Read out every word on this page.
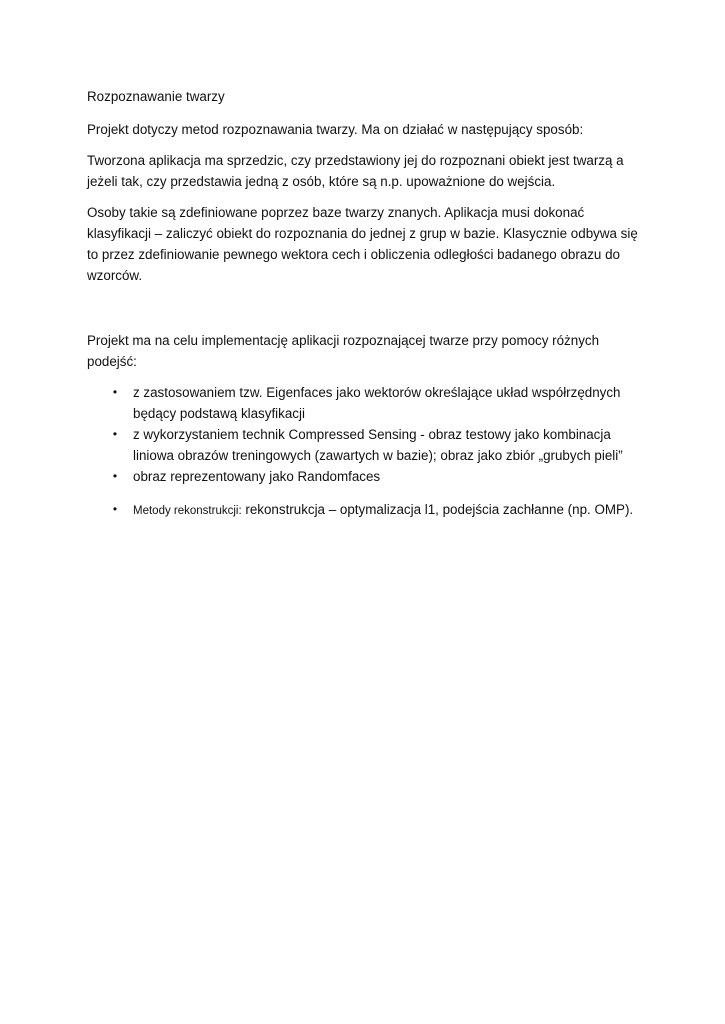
Rozpoznawanie twarzy

Projekt dotyczy metod rozpoznawania twarzy. Ma on działać w następujący sposób:

Tworzona aplikacja ma sprzedzic, czy przedstawiony jej do rozpoznani obiekt jest twarzą a jeżeli tak, czy przedstawia jedną z osób, które są n.p. upoważnione do wejścia.

Osoby takie są zdefiniowane poprzez baze twarzy znanych. Aplikacja musi dokonać klasyfikacji – zaliczyć obiekt do rozpoznania do jednej z grup w bazie. Klasycznie odbywa się to przez zdefiniowanie pewnego wektora cech i obliczenia odległości badanego obrazu do wzorców.

Projekt ma na celu implementację aplikacji rozpoznającej twarze przy pomocy różnych podejść:

• z zastosowaniem tzw. Eigenfaces jako wektorów określające układ współrzędnych będący podstawą klasyfikacji
• z wykorzystaniem technik Compressed Sensing - obraz testowy jako kombinacja liniowa obrazów treningowych (zawartych w bazie); obraz jako zbiór „grubych pieli”
• obraz reprezentowany jako Randomfaces
•	Metody rekonstrukcji: rekonstrukcja – optymalizacja l1, podejścia zachłanne (np. OMP).
